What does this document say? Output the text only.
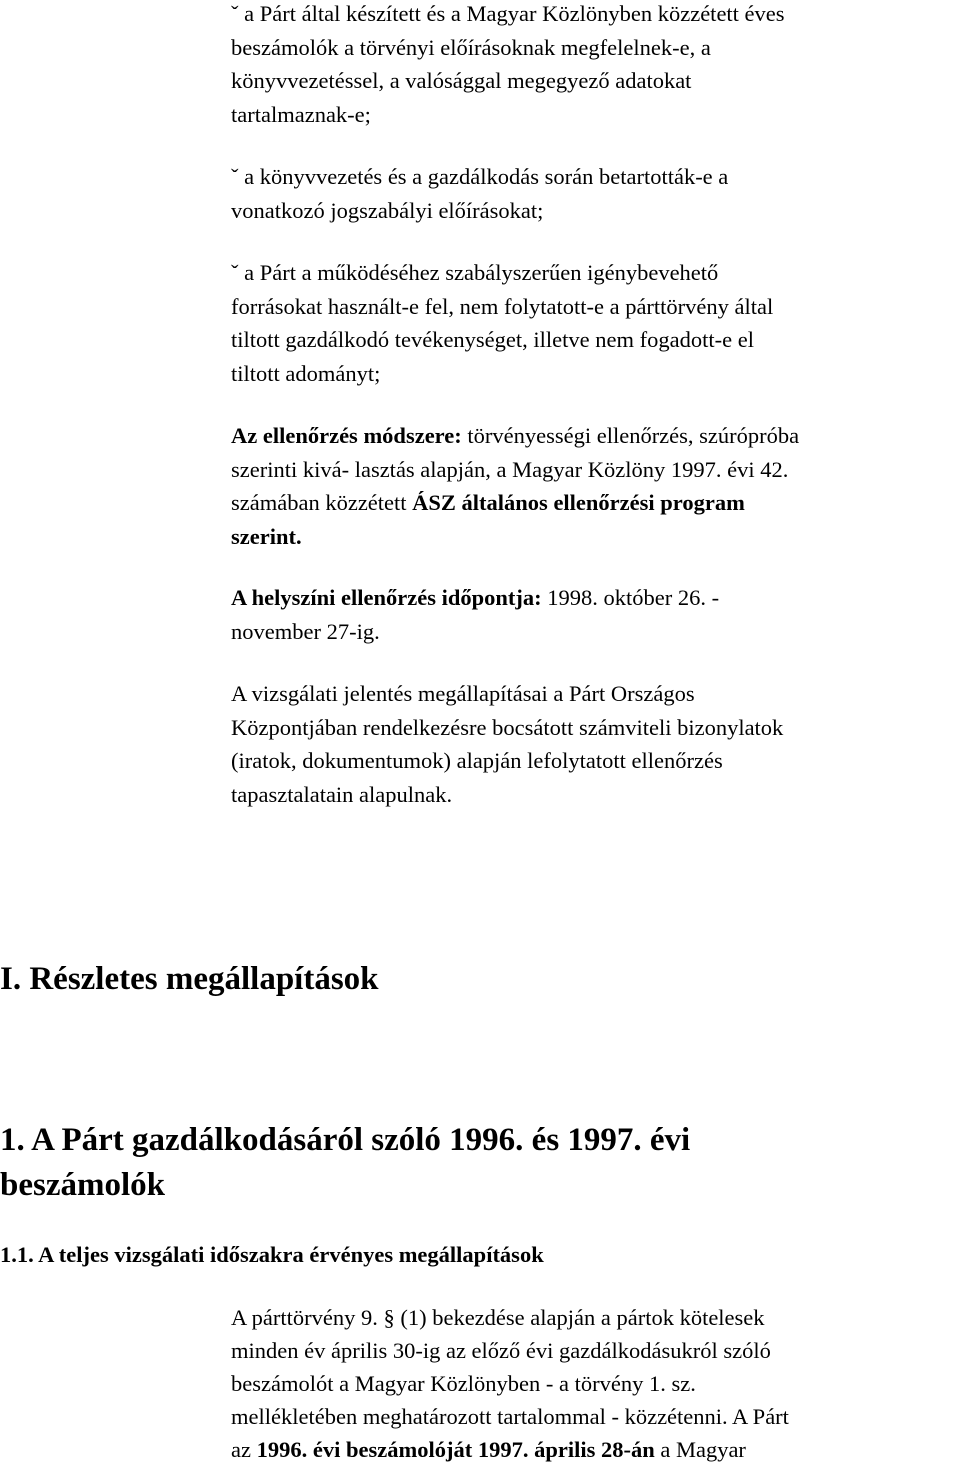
ˇ a Párt által készített és a Magyar Közlönyben közzétett éves
beszámolók a törvényi előírásoknak megfelelnek-e, a
könyvvezetéssel, a valósággal megegyező adatokat
tartalmaznak-e;
ˇ a könyvvezetés és a gazdálkodás során betartották-e a
vonatkozó jogszabályi előírásokat;
ˇ a Párt a működéséhez szabályszerűen igénybevehető
forrásokat használt-e fel, nem folytatott-e a párttörvény által
tiltott gazdálkodó tevékenységet, illetve nem fogadott-e el
tiltott adományt;
Az ellenőrzés módszere: törvényességi ellenőrzés, szúrópróba
szerinti kivá- lasztás alapján, a Magyar Közlöny 1997. évi 42.
számában közzétett ÁSZ általános ellenőrzési program
szerint.
A helyszíni ellenőrzés időpontja: 1998. október 26. -
november 27-ig.
A vizsgálati jelentés megállapításai a Párt Országos
Központjában rendelkezésre bocsátott számviteli bizonylatok
(iratok, dokumentumok) alapján lefolytatott ellenőrzés
tapasztalatain alapulnak.
I. Részletes megállapítások
1. A Párt gazdálkodásáról szóló 1996. és 1997. évi
beszámolók
1.1. A teljes vizsgálati időszakra érvényes megállapítások
A párttörvény 9. § (1) bekezdése alapján a pártok kötelesek
minden év április 30-ig az előző évi gazdálkodásukról szóló
beszámolót a Magyar Közlönyben - a törvény 1. sz.
mellékletében meghatározott tartalommal - közzétenni. A Párt
az 1996. évi beszámolóját 1997. április 28-án a Magyar
